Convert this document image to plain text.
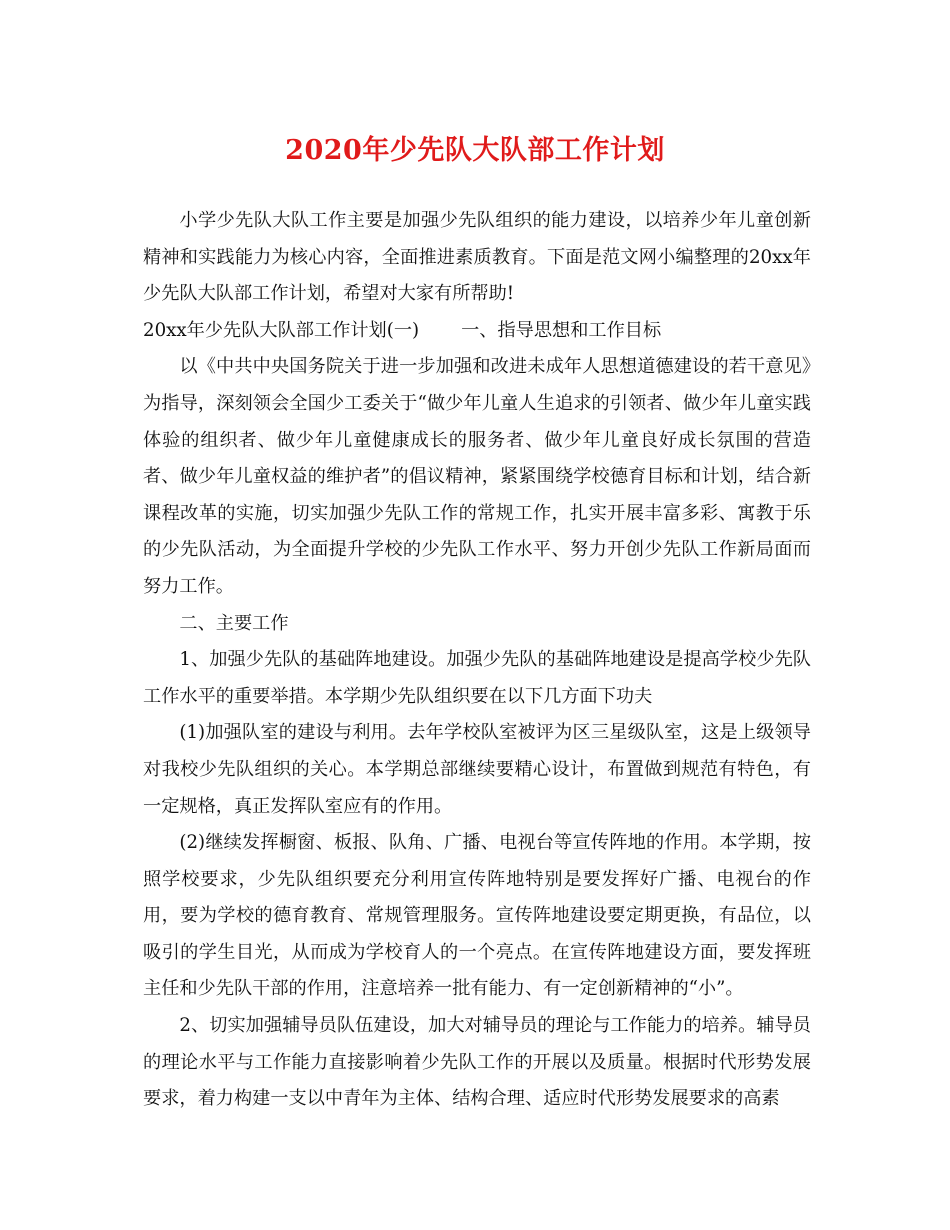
2020年少先队大队部工作计划

小学少先队大队工作主要是加强少先队组织的能力建设，以培养少年儿童创新精神和实践能力为核心内容，全面推进素质教育。下面是范文网小编整理的20xx年少先队大队部工作计划，希望对大家有所帮助!

20xx年少先队大队部工作计划(一) 一、指导思想和工作目标

以《中共中央国务院关于进一步加强和改进未成年人思想道德建设的若干意见》为指导，深刻领会全国少工委关于“做少年儿童人生追求的引领者、做少年儿童实践体验的组织者、做少年儿童健康成长的服务者、做少年儿童良好成长氛围的营造者、做少年儿童权益的维护者”的倡议精神，紧紧围绕学校德育目标和计划，结合新课程改革的实施，切实加强少先队工作的常规工作，扎实开展丰富多彩、寓教于乐的少先队活动，为全面提升学校的少先队工作水平、努力开创少先队工作新局面而努力工作。

二、主要工作

1、加强少先队的基础阵地建设。加强少先队的基础阵地建设是提高学校少先队工作水平的重要举措。本学期少先队组织要在以下几方面下功夫

(1)加强队室的建设与利用。去年学校队室被评为区三星级队室，这是上级领导对我校少先队组织的关心。本学期总部继续要精心设计，布置做到规范有特色，有一定规格，真正发挥队室应有的作用。

(2)继续发挥橱窗、板报、队角、广播、电视台等宣传阵地的作用。本学期，按照学校要求，少先队组织要充分利用宣传阵地特别是要发挥好广播、电视台的作用，要为学校的德育教育、常规管理服务。宣传阵地建设要定期更换，有品位，以吸引的学生目光，从而成为学校育人的一个亮点。在宣传阵地建设方面，要发挥班主任和少先队干部的作用，注意培养一批有能力、有一定创新精神的“小”。

2、切实加强辅导员队伍建设，加大对辅导员的理论与工作能力的培养。辅导员的理论水平与工作能力直接影响着少先队工作的开展以及质量。根据时代形势发展要求，着力构建一支以中青年为主体、结构合理、适应时代形势发展要求的高素
